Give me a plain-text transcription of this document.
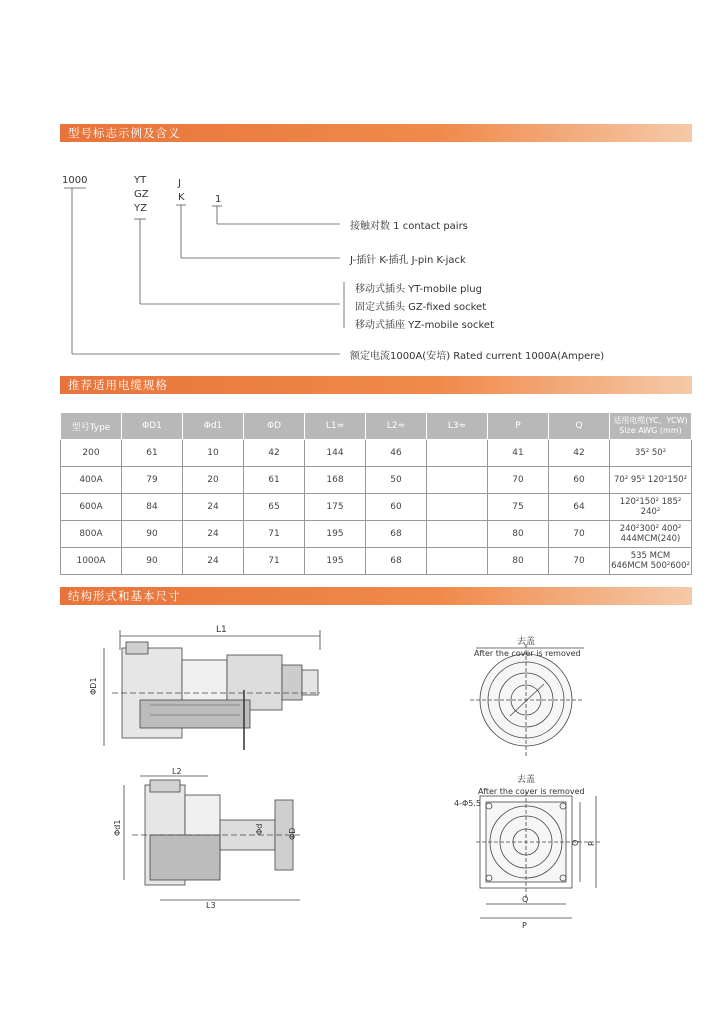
型号标志示例及含义
推荐适用电缆规格
结构形式和基本尺寸
1000	YT
GZ
YZ
J
K	1
接触对数 1 contact pairs
J-插针 K-插孔 J-pin K-jack
移动式插头 YT-mobile plug
固定式插头 GZ-fixed socket
移动式插座 YZ-mobile socket
额定电流1000A(安培) Rated current 1000A(Ampere)
型号Type	ΦD1	Φd1	ΦD	L1≈	L2≈	L3≈	P	Q	适用电缆(YC、YCW) Size AWG (mm)
200	61	10	42	144	46		41	42	35² 50²
400A	79	20	61	168	50		70	60	70² 95² 120²150²
600A	84	24	65	175	60		75	64	120²150² 185² 240²
800A	90	24	71	195	68		80	70	240²300² 400² 444MCM(240)
1000A	90	24	71	195	68		80	70	535 MCM 646MCM 500²600²
L1
ΦD1
L2
L3
Φd1	Φd	ΦD
去盖
After the cover is removed
去盖
After the cover is removed
4-Φ5.5
Q
P
Q P
